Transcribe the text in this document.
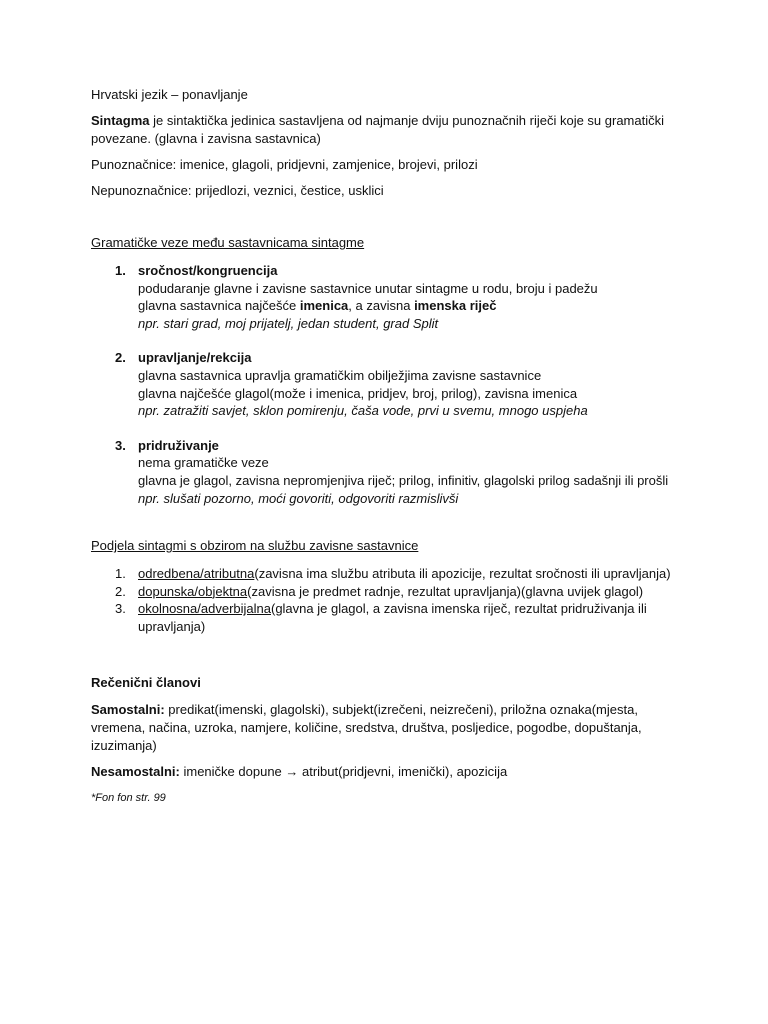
Hrvatski jezik – ponavljanje

Sintagma je sintaktička jedinica sastavljena od najmanje dviju punoznačnih riječi koje su gramatički povezane. (glavna i zavisna sastavnica)

Punoznačnice: imenice, glagoli, pridjevni, zamjenice, brojevi, prilozi

Nepunoznačnice: prijedlozi, veznici, čestice, usklici

Gramatičke veze među sastavnicama sintagme

1. sročnost/kongruencija

podudaranje glavne i zavisne sastavnice unutar sintagme u rodu, broju i padežu

glavna sastavnica najčešće imenica, a zavisna imenska riječ

npr. stari grad, moj prijatelj, jedan student, grad Split

2. upravljanje/rekcija

glavna sastavnica upravlja gramatičkim obilježjima zavisne sastavnice

glavna najčešće glagol(može i imenica, pridjev, broj, prilog), zavisna imenica

npr. zatražiti savjet, sklon pomirenju, čaša vode, prvi u svemu, mnogo uspjeha

3. pridruživanje

nema gramatičke veze

glavna je glagol, zavisna nepromjenjiva riječ; prilog, infinitiv, glagolski prilog sadašnji ili prošli

npr. slušati pozorno, moći govoriti, odgovoriti razmislivši

Podjela sintagmi s obzirom na službu zavisne sastavnice

1. odredbena/atributna(zavisna ima službu atributa ili apozicije, rezultat sročnosti ili upravljanja)
2. dopunska/objektna(zavisna je predmet radnje, rezultat upravljanja)(glavna uvijek glagol)
3. okolnosna/adverbijalna(glavna je glagol, a zavisna imenska riječ, rezultat pridruživanja ili upravljanja)

Rečenični članovi

Samostalni: predikat(imenski, glagolski), subjekt(izrečeni, neizrečeni), priložna oznaka(mjesta, vremena, načina, uzroka, namjere, količine, sredstva, društva, posljedice, pogodbe, dopuštanja, izuzimanja)

Nesamostalni: imeničke dopune → atribut(pridjevni, imenički), apozicija

*Fon fon str. 99
